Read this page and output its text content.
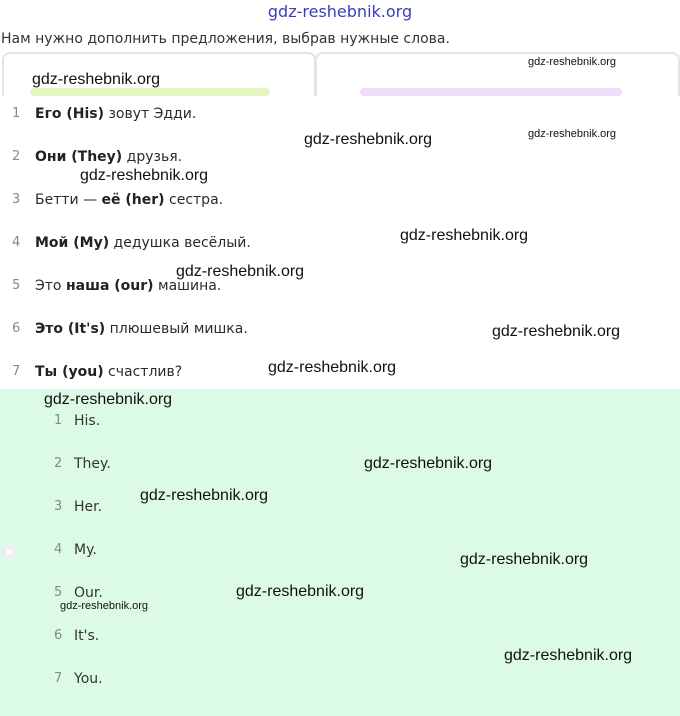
gdz-reshebnik.org
Нам нужно дополнить предложения, выбрав нужные слова.
1 Его (His) зовут Эдди.
2 Они (They) друзья.
3 Бетти — её (her) сестра.
4 Мой (My) дедушка весёлый.
5 Это наша (our) машина.
6 Это (It's) плюшевый мишка.
7 Ты (you) счастлив?
1 His.
2 They.
3 Her.
4 My.
5 Our.
6 It's.
7 You.
gdz-reshebnik.org
gdz-reshebnik.org
gdz-reshebnik.org	gdz-reshebnik.org
gdz-reshebnik.org
gdz-reshebnik.org
gdz-reshebnik.org
gdz-reshebnik.org
gdz-reshebnik.org
gdz-reshebnik.org
gdz-reshebnik.org
gdz-reshebnik.org
gdz-reshebnik.org
gdz-reshebnik.org
gdz-reshebnik.org
gdz-reshebnik.org
